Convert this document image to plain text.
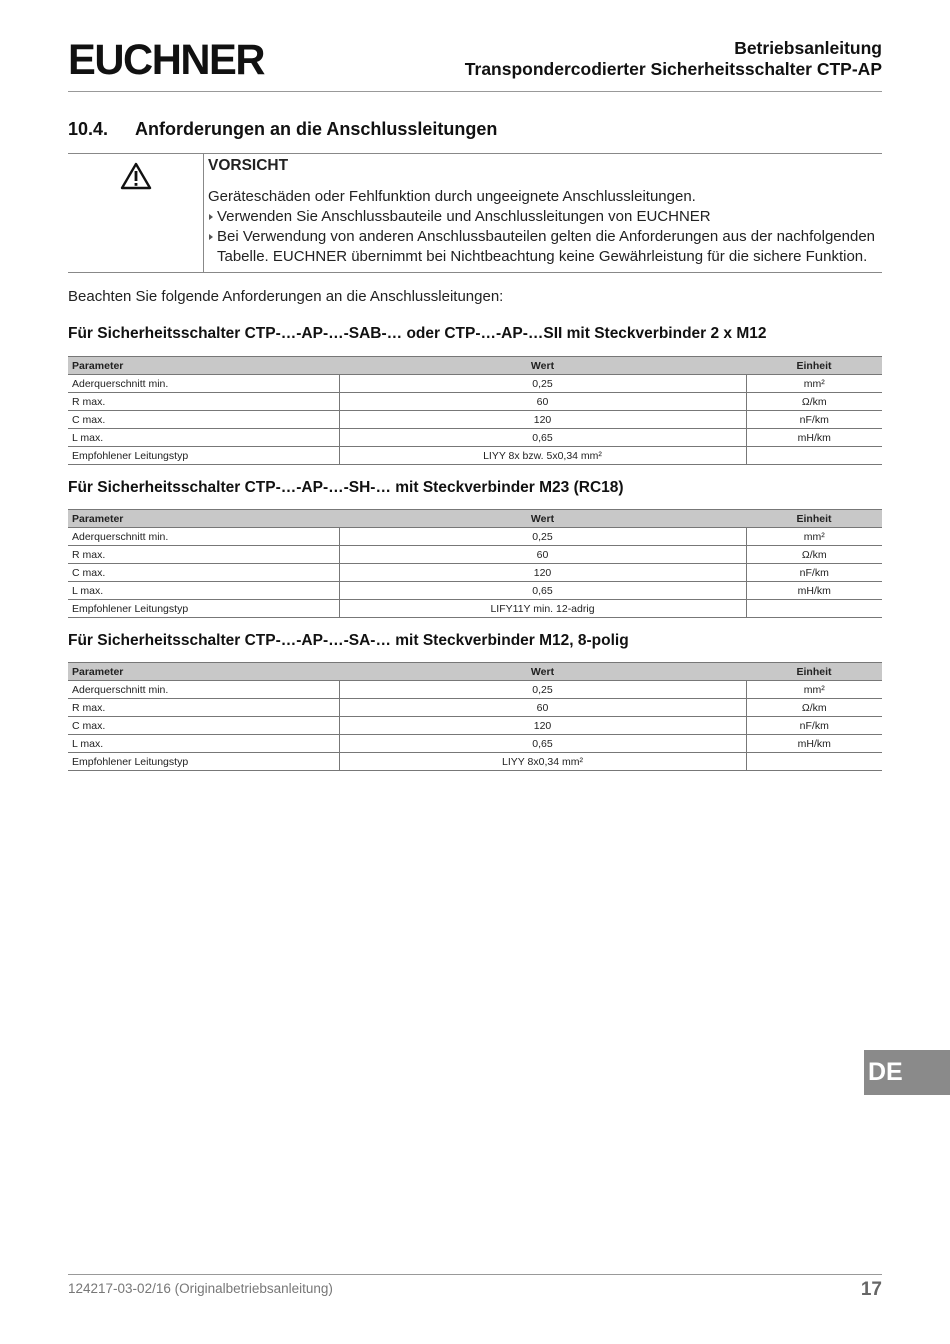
EUCHNER	Betriebsanleitung
Transpondercodierter Sicherheitsschalter CTP-AP
10.4. Anforderungen an die Anschlussleitungen
VORSICHT
Geräteschäden oder Fehlfunktion durch ungeeignete Anschlussleitungen.
Verwenden Sie Anschlussbauteile und Anschlussleitungen von EUCHNER
Bei Verwendung von anderen Anschlussbauteilen gelten die Anforderungen aus der nachfolgenden Tabelle. EUCHNER übernimmt bei Nichtbeachtung keine Gewährleistung für die sichere Funktion.
Beachten Sie folgende Anforderungen an die Anschlussleitungen:
Für Sicherheitsschalter CTP-…-AP-…-SAB-… oder CTP-…-AP-…SII mit Steckverbinder 2 x M12
Parameter	Wert	Einheit
Aderquerschnitt min.	0,25	mm²
R max.	60	Ω/km
C max.	120	nF/km
L max.	0,65	mH/km
Empfohlener Leitungstyp	LIYY 8x bzw. 5x0,34 mm²	
Für Sicherheitsschalter CTP-…-AP-…-SH-… mit Steckverbinder M23 (RC18)
Parameter	Wert	Einheit
Aderquerschnitt min.	0,25	mm²
R max.	60	Ω/km
C max.	120	nF/km
L max.	0,65	mH/km
Empfohlener Leitungstyp	LIFY11Y min. 12-adrig	
Für Sicherheitsschalter CTP-…-AP-…-SA-… mit Steckverbinder M12, 8-polig
Parameter	Wert	Einheit
Aderquerschnitt min.	0,25	mm²
R max.	60	Ω/km
C max.	120	nF/km
L max.	0,65	mH/km
Empfohlener Leitungstyp	LIYY 8x0,34 mm²	
DE
124217-03-02/16 (Originalbetriebsanleitung)	17
